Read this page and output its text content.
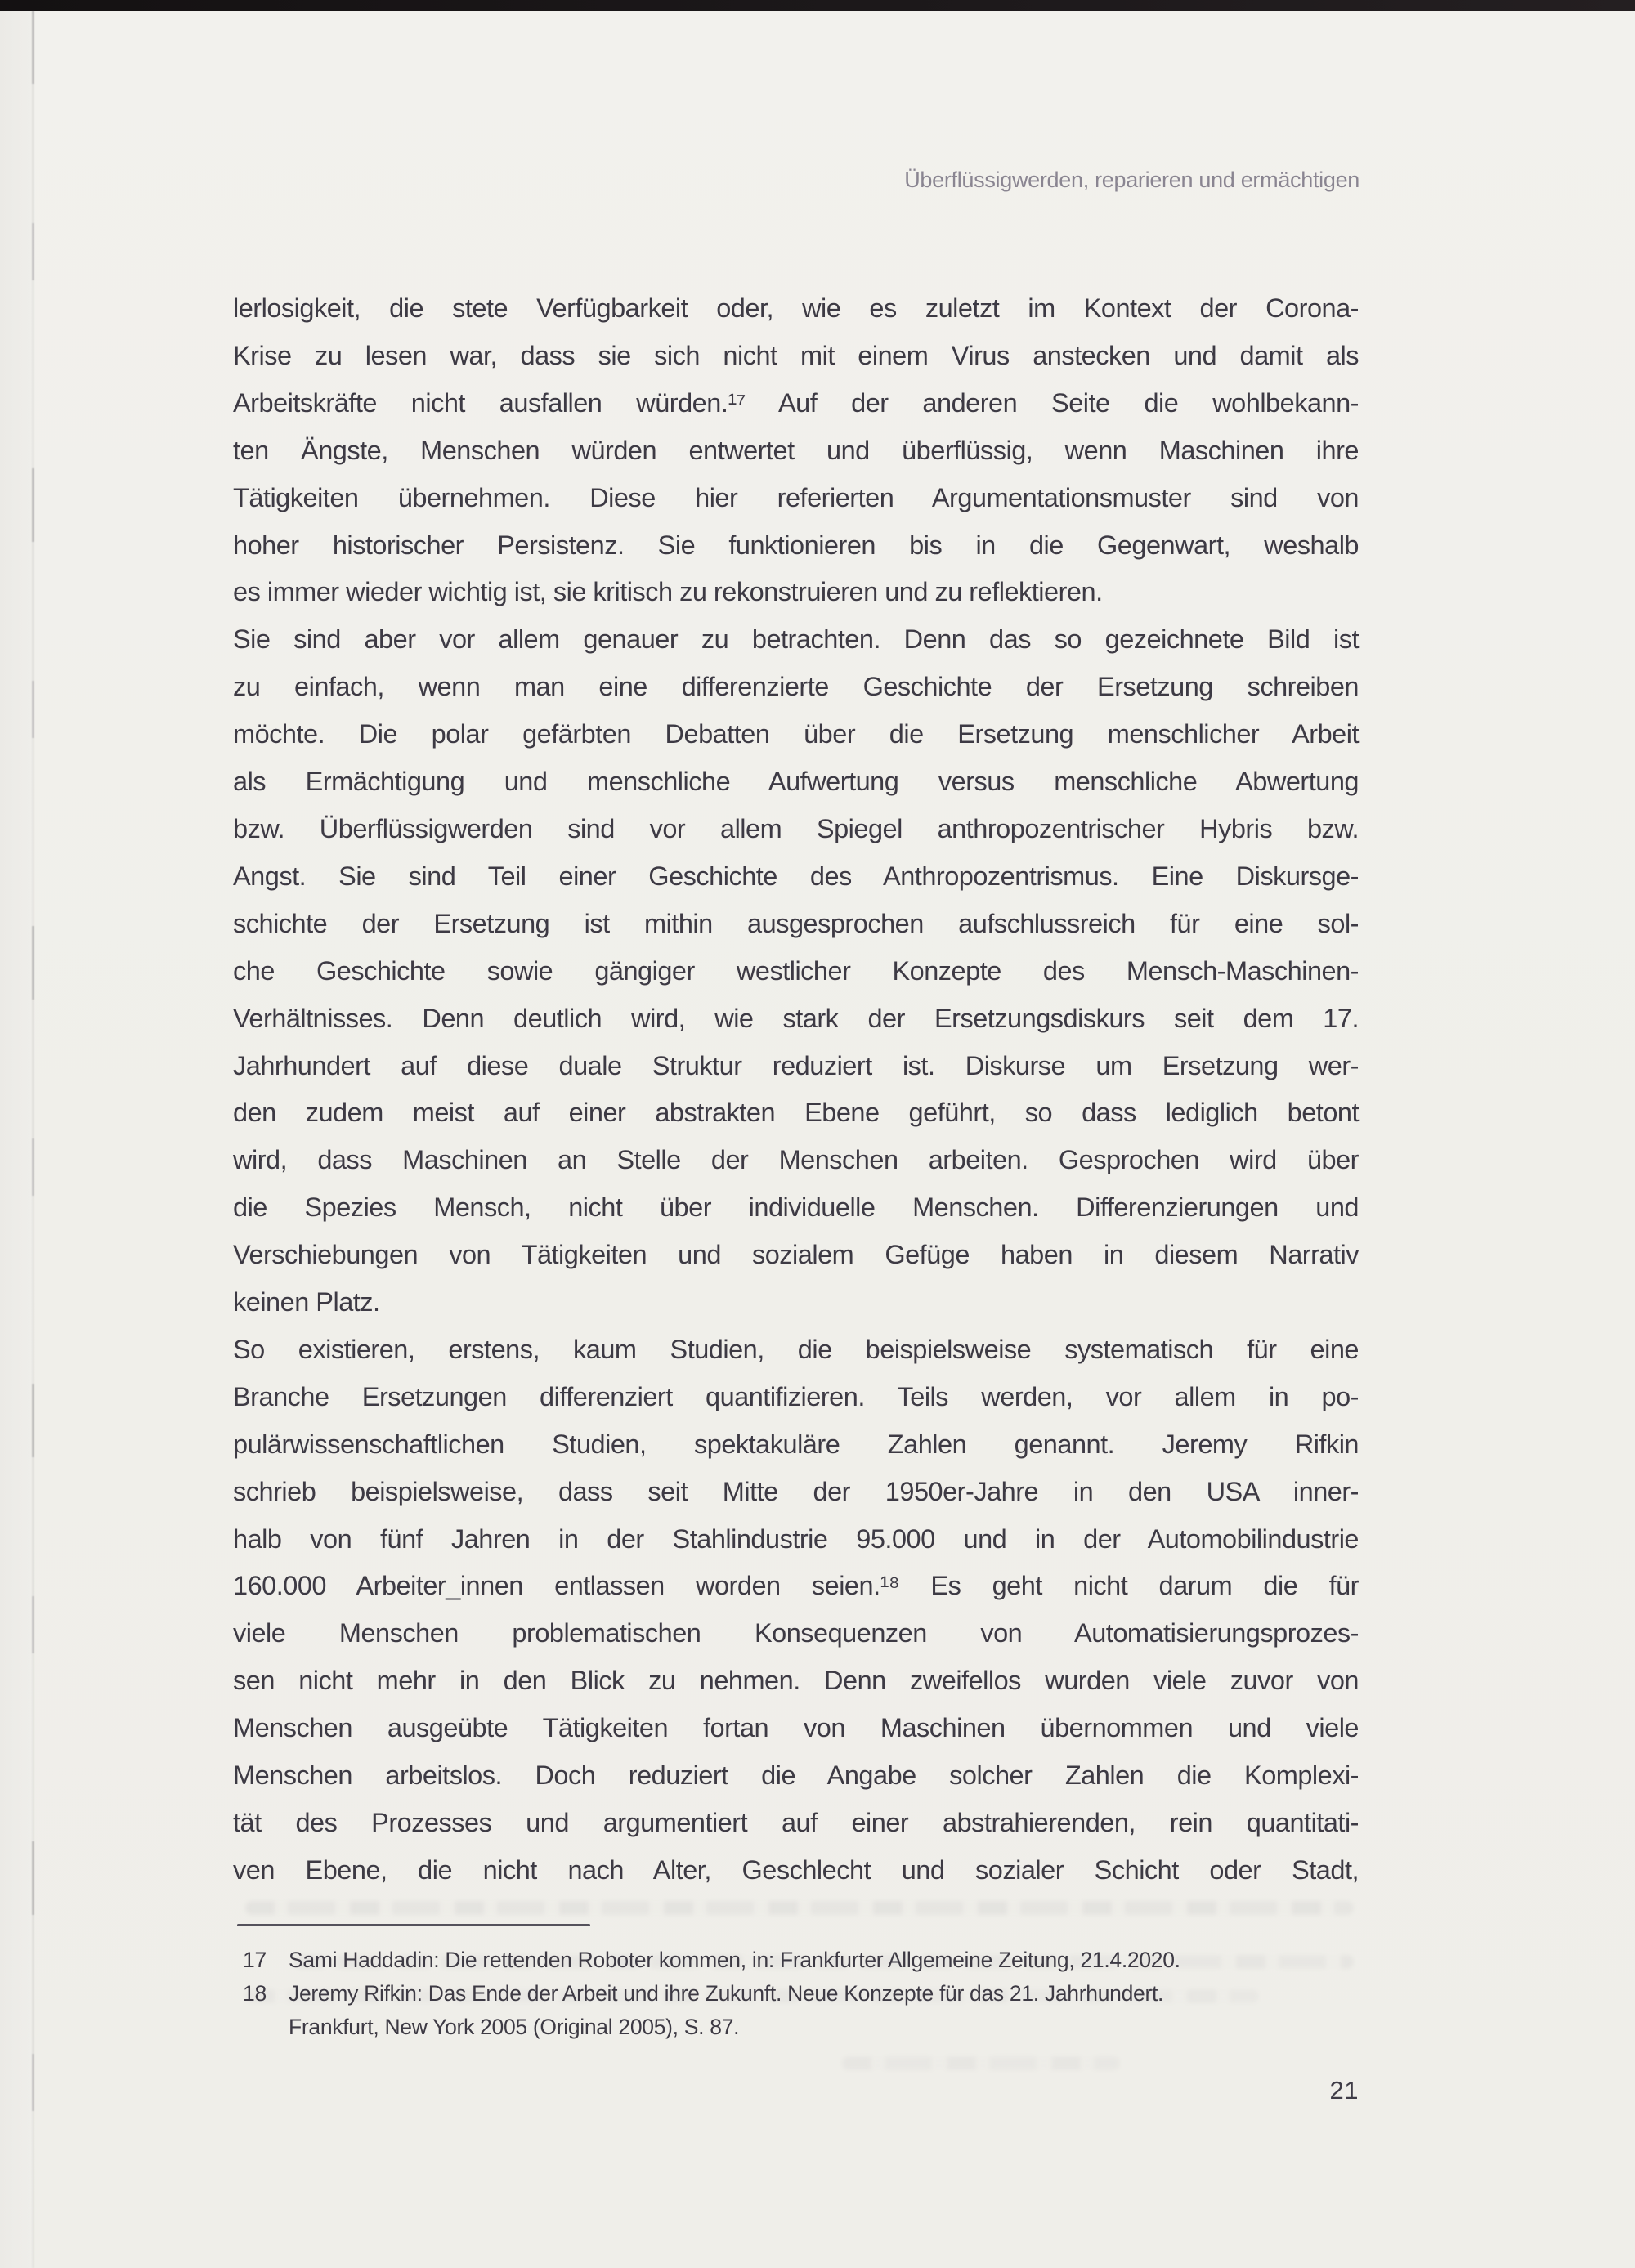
Überflüssigwerden, reparieren und ermächtigen
lerlosigkeit, die stete Verfügbarkeit oder, wie es zuletzt im Kontext der Corona-
Krise zu lesen war, dass sie sich nicht mit einem Virus anstecken und damit als
Arbeitskräfte nicht ausfallen würden.¹⁷ Auf der anderen Seite die wohlbekann-
ten Ängste, Menschen würden entwertet und überflüssig, wenn Maschinen ihre
Tätigkeiten übernehmen. Diese hier referierten Argumentationsmuster sind von
hoher historischer Persistenz. Sie funktionieren bis in die Gegenwart, weshalb
es immer wieder wichtig ist, sie kritisch zu rekonstruieren und zu reflektieren.
Sie sind aber vor allem genauer zu betrachten. Denn das so gezeichnete Bild ist
zu einfach, wenn man eine differenzierte Geschichte der Ersetzung schreiben
möchte. Die polar gefärbten Debatten über die Ersetzung menschlicher Arbeit
als Ermächtigung und menschliche Aufwertung versus menschliche Abwertung
bzw. Überflüssigwerden sind vor allem Spiegel anthropozentrischer Hybris bzw.
Angst. Sie sind Teil einer Geschichte des Anthropozentrismus. Eine Diskursge-
schichte der Ersetzung ist mithin ausgesprochen aufschlussreich für eine sol-
che Geschichte sowie gängiger westlicher Konzepte des Mensch-Maschinen-
Verhältnisses. Denn deutlich wird, wie stark der Ersetzungsdiskurs seit dem 17.
Jahrhundert auf diese duale Struktur reduziert ist. Diskurse um Ersetzung wer-
den zudem meist auf einer abstrakten Ebene geführt, so dass lediglich betont
wird, dass Maschinen an Stelle der Menschen arbeiten. Gesprochen wird über
die Spezies Mensch, nicht über individuelle Menschen. Differenzierungen und
Verschiebungen von Tätigkeiten und sozialem Gefüge haben in diesem Narrativ
keinen Platz.
So existieren, erstens, kaum Studien, die beispielsweise systematisch für eine
Branche Ersetzungen differenziert quantifizieren. Teils werden, vor allem in po-
pulärwissenschaftlichen Studien, spektakuläre Zahlen genannt. Jeremy Rifkin
schrieb beispielsweise, dass seit Mitte der 1950er-Jahre in den USA inner-
halb von fünf Jahren in der Stahlindustrie 95.000 und in der Automobilindustrie
160.000 Arbeiter_innen entlassen worden seien.¹⁸ Es geht nicht darum die für
viele Menschen problematischen Konsequenzen von Automatisierungsprozes-
sen nicht mehr in den Blick zu nehmen. Denn zweifellos wurden viele zuvor von
Menschen ausgeübte Tätigkeiten fortan von Maschinen übernommen und viele
Menschen arbeitslos. Doch reduziert die Angabe solcher Zahlen die Komplexi-
tät des Prozesses und argumentiert auf einer abstrahierenden, rein quantitati-
ven Ebene, die nicht nach Alter, Geschlecht und sozialer Schicht oder Stadt,
17	Sami Haddadin: Die rettenden Roboter kommen, in: Frankfurter Allgemeine Zeitung, 21.4.2020.
18	Jeremy Rifkin: Das Ende der Arbeit und ihre Zukunft. Neue Konzepte für das 21. Jahrhundert.
Frankfurt, New York 2005 (Original 2005), S. 87.
21
